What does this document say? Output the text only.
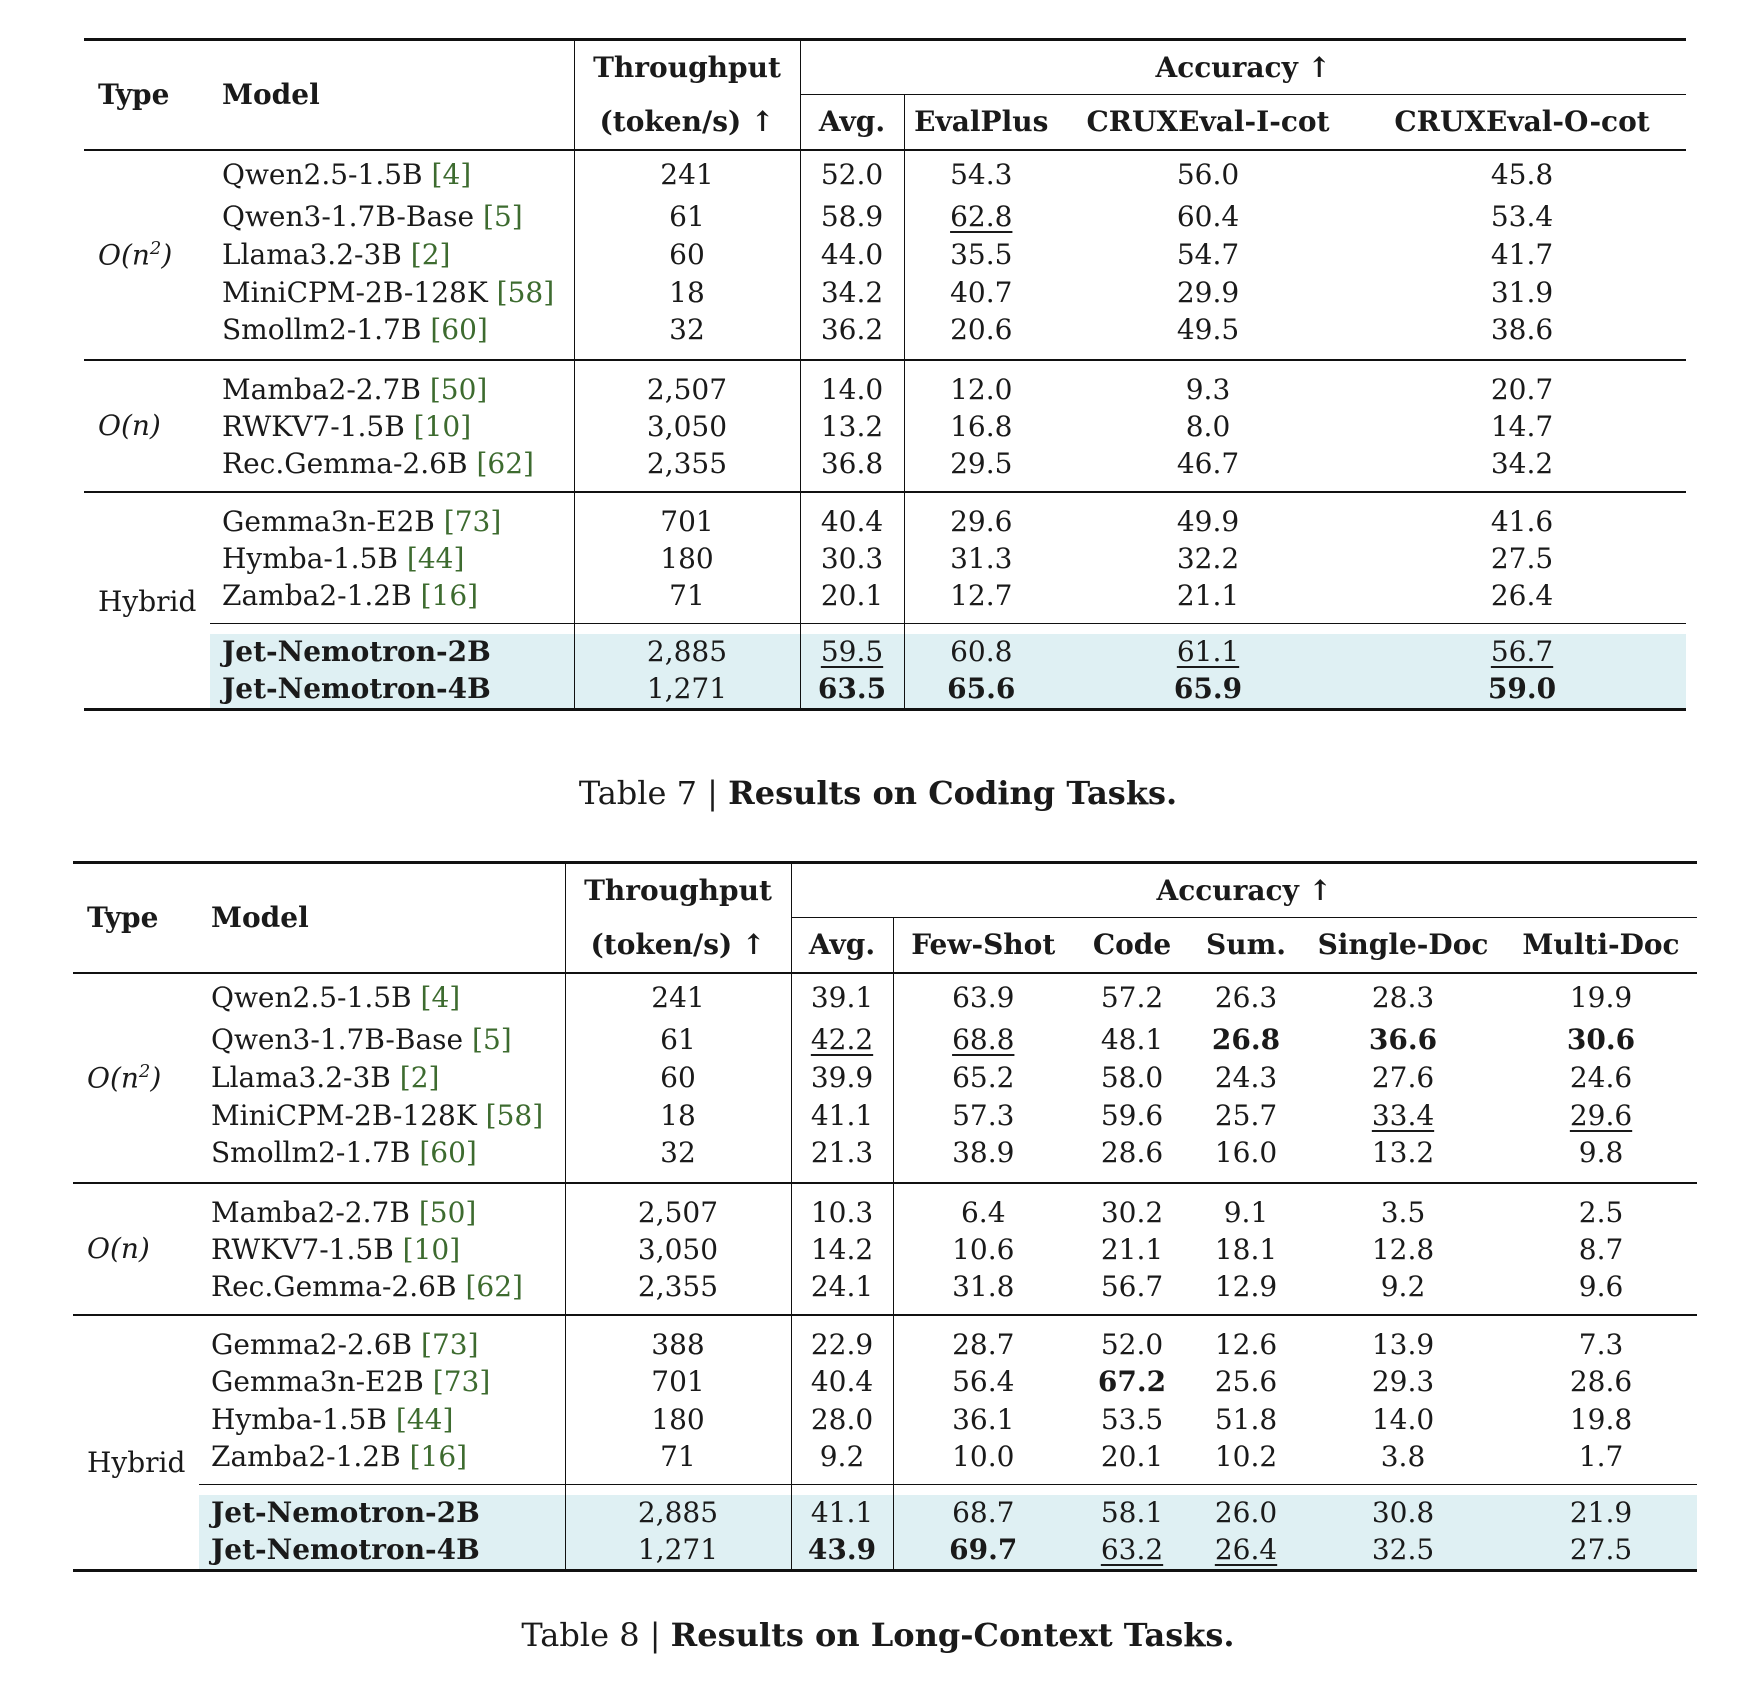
Type	Model	Throughput	Accuracy ↑			
		(token/s) ↑	Avg.	EvalPlus	CRUXEval-I-cot	CRUXEval-O-cot
$O(n^2)$	Qwen2.5-1.5B [4]	241	52.0	54.3	56.0	45.8
	Qwen3-1.7B-Base [5]	61	58.9	62.8	60.4	53.4
	Llama3.2-3B [2]	60	44.0	35.5	54.7	41.7
	MiniCPM-2B-128K [58]	18	34.2	40.7	29.9	31.9
	Smollm2-1.7B [60]	32	36.2	20.6	49.5	38.6
O(n)	Mamba2-2.7B [50]	2,507	14.0	12.0	9.3	20.7
	RWKV7-1.5B [10]	3,050	13.2	16.8	8.0	14.7
	Rec.Gemma-2.6B [62]	2,355	36.8	29.5	46.7	34.2
Hybrid	Gemma3n-E2B [73]	701	40.4	29.6	49.9	41.6
	Hymba-1.5B [44]	180	30.3	31.3	32.2	27.5
	Zamba2-1.2B [16]	71	20.1	12.7	21.1	26.4

	Jet-Nemotron-2B	2,885	59.5	60.8	61.1	56.7
	Jet-Nemotron-4B	1,271	63.5	65.6	65.9	59.0
Table 7 | Results on Coding Tasks.
Type	Model	Throughput	Accuracy ↑					
		(token/s) ↑	Avg.	Few-Shot	Code	Sum.	Single-Doc	Multi-Doc
$O(n^2)$	Qwen2.5-1.5B [4]	241	39.1	63.9	57.2	26.3	28.3	19.9
	Qwen3-1.7B-Base [5]	61	42.2	68.8	48.1	26.8	36.6	30.6
	Llama3.2-3B [2]	60	39.9	65.2	58.0	24.3	27.6	24.6
	MiniCPM-2B-128K [58]	18	41.1	57.3	59.6	25.7	33.4	29.6
	Smollm2-1.7B [60]	32	21.3	38.9	28.6	16.0	13.2	9.8
O(n)	Mamba2-2.7B [50]	2,507	10.3	6.4	30.2	9.1	3.5	2.5
	RWKV7-1.5B [10]	3,050	14.2	10.6	21.1	18.1	12.8	8.7
	Rec.Gemma-2.6B [62]	2,355	24.1	31.8	56.7	12.9	9.2	9.6
Hybrid	Gemma2-2.6B [73]	388	22.9	28.7	52.0	12.6	13.9	7.3
	Gemma3n-E2B [73]	701	40.4	56.4	67.2	25.6	29.3	28.6
	Hymba-1.5B [44]	180	28.0	36.1	53.5	51.8	14.0	19.8
	Zamba2-1.2B [16]	71	9.2	10.0	20.1	10.2	3.8	1.7

	Jet-Nemotron-2B	2,885	41.1	68.7	58.1	26.0	30.8	21.9
	Jet-Nemotron-4B	1,271	43.9	69.7	63.2	26.4	32.5	27.5
Table 8 | Results on Long-Context Tasks.
